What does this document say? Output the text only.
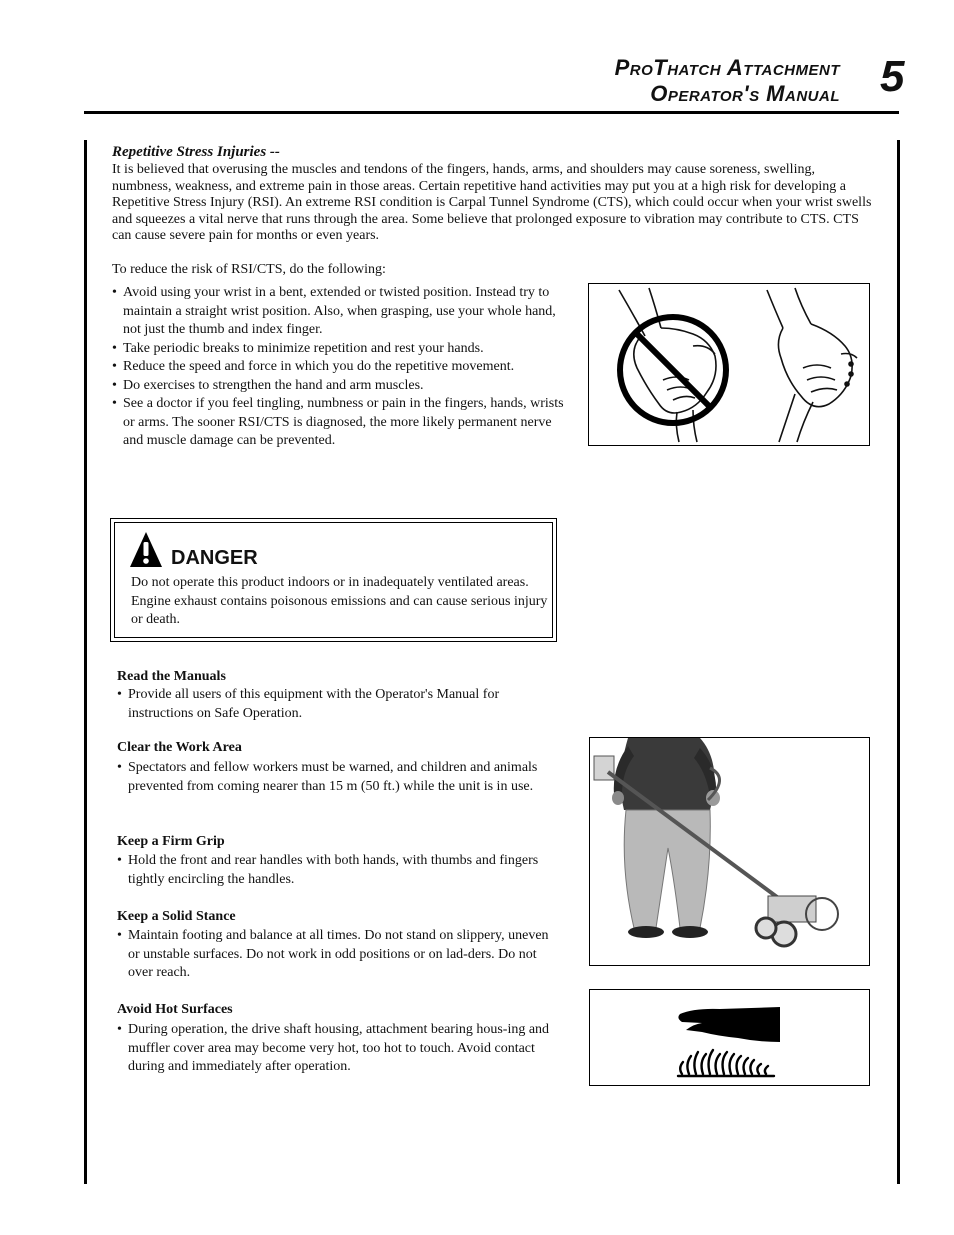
ProThatch Attachment
Operator's Manual 5
Repetitive Stress Injuries --

It is believed that overusing the muscles and tendons of the fingers, hands, arms, and shoulders may cause soreness, swelling, numbness, weakness, and extreme pain in those areas. Certain repetitive hand activities may put you at a high risk for developing a Repetitive Stress Injury (RSI). An extreme RSI condition is Carpal Tunnel Syndrome (CTS), which could occur when your wrist swells and squeezes a vital nerve that runs through the area. Some believe that prolonged exposure to vibration may contribute to CTS. CTS can cause severe pain for months or even years.

To reduce the risk of RSI/CTS, do the following:

• Avoid using your wrist in a bent, extended or twisted position. Instead try to maintain a straight wrist position. Also, when grasping, use your whole hand, not just the thumb and index finger.
• Take periodic breaks to minimize repetition and rest your hands.
• Reduce the speed and force in which you do the repetitive movement.
• Do exercises to strengthen the hand and arm muscles.
• See a doctor if you feel tingling, numbness or pain in the fingers, hands, wrists or arms. The sooner RSI/CTS is diagnosed, the more likely permanent nerve and muscle damage can be prevented.
DANGER

Do not operate this product indoors or in inadequately ventilated areas. Engine exhaust contains poisonous emissions and can cause serious injury or death.

Read the Manuals
• Provide all users of this equipment with the Operator's Manual for instructions on Safe Operation.
Clear the Work Area
• Spectators and fellow workers must be warned, and children and animals prevented from coming nearer than 15 m (50 ft.) while the unit is in use.
Keep a Firm Grip
• Hold the front and rear handles with both hands, with thumbs and fingers tightly encircling the handles.
Keep a Solid Stance
• Maintain footing and balance at all times. Do not stand on slippery, uneven or unstable surfaces. Do not work in odd positions or on lad-ders. Do not over reach.
Avoid Hot Surfaces
• During operation, the drive shaft housing, attachment bearing hous-ing and muffler cover area may become very hot, too hot to touch. Avoid contact during and immediately after operation.
